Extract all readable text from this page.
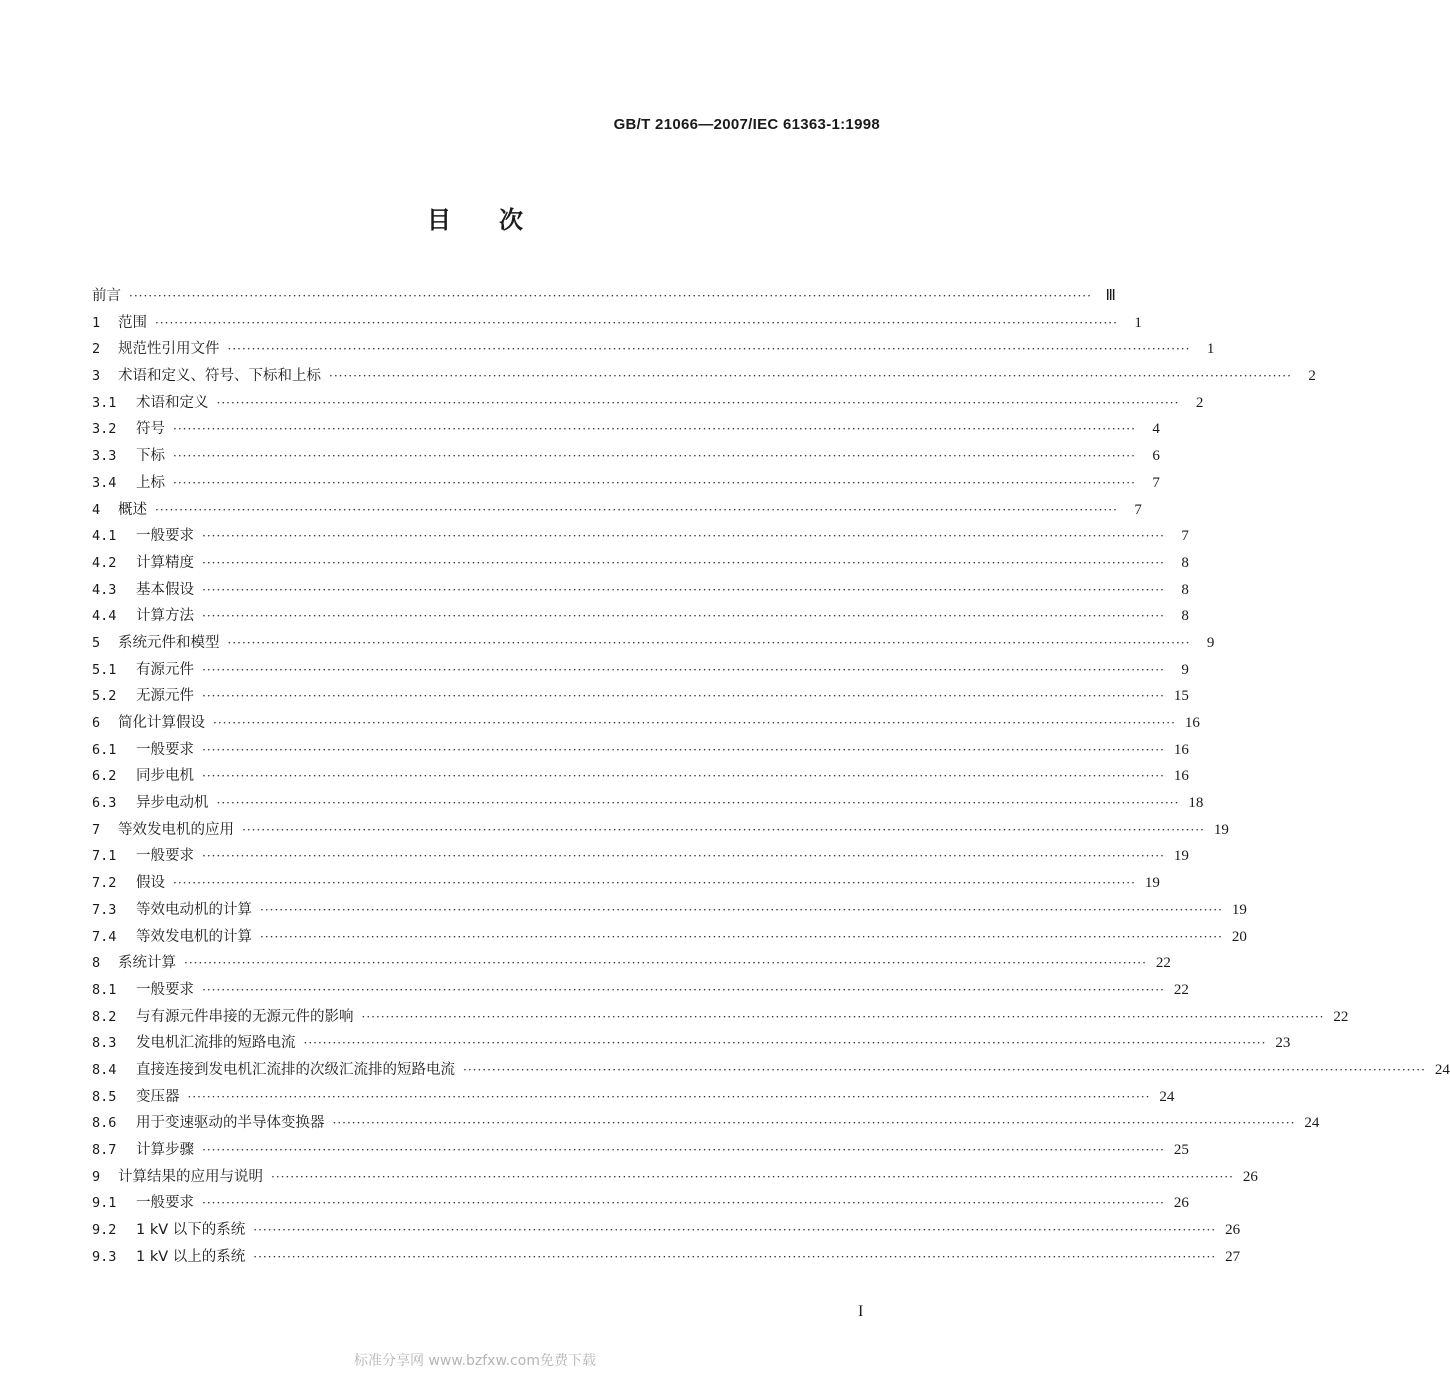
GB/T 21066—2007/IEC 61363-1:1998
目 次
前言 ········································································································································································································ Ⅲ
1	范围 ········································································································································································································	1
2	规范性引用文件 ········································································································································································································	1
3	术语和定义、符号、下标和上标 ········································································································································································································	2
3.1	术语和定义 ········································································································································································································	2
3.2	符号 ········································································································································································································	4
3.3	下标 ········································································································································································································	6
3.4	上标 ········································································································································································································	7
4	概述 ········································································································································································································	7
4.1	一般要求 ········································································································································································································	7
4.2	计算精度 ········································································································································································································	8
4.3	基本假设 ········································································································································································································	8
4.4	计算方法 ········································································································································································································	8
5	系统元件和模型 ········································································································································································································	9
5.1	有源元件 ········································································································································································································	9
5.2	无源元件 ········································································································································································································ 15
6	简化计算假设 ········································································································································································································ 16
6.1	一般要求 ········································································································································································································ 16
6.2	同步电机 ········································································································································································································ 16
6.3	异步电动机 ········································································································································································································ 18
7	等效发电机的应用 ········································································································································································································ 19
7.1	一般要求 ········································································································································································································ 19
7.2	假设 ········································································································································································································ 19
7.3	等效电动机的计算 ········································································································································································································ 19
7.4	等效发电机的计算 ········································································································································································································ 20
8	系统计算 ········································································································································································································ 22
8.1	一般要求 ········································································································································································································ 22
8.2	与有源元件串接的无源元件的影响 ········································································································································································································ 22
8.3	发电机汇流排的短路电流 ········································································································································································································ 23
8.4	直接连接到发电机汇流排的次级汇流排的短路电流 ········································································································································································································ 24
8.5	变压器 ········································································································································································································ 24
8.6	用于变速驱动的半导体变换器 ········································································································································································································ 24
8.7	计算步骤 ········································································································································································································ 25
9	计算结果的应用与说明 ········································································································································································································ 26
9.1	一般要求 ········································································································································································································ 26
9.2	1 kV 以下的系统 ········································································································································································································ 26
9.3	1 kV 以上的系统 ········································································································································································································ 27
I
标准分享网 www.bzfxw.com免费下载
